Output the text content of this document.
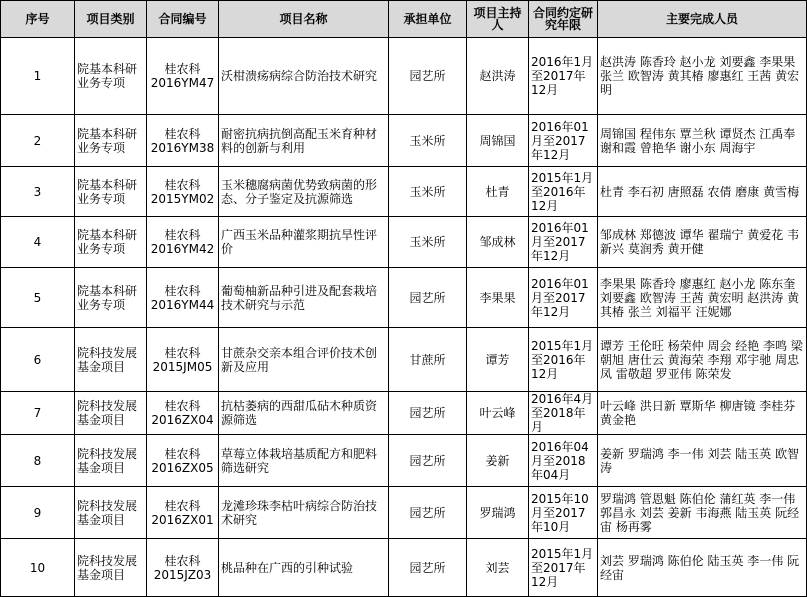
序号	项目类别	合同编号	项目名称	承担单位	项目主持人	合同约定研究年限	主要完成人员
1	院基本科研业务专项	桂农科2016YM47	沃柑溃疡病综合防治技术研究	园艺所	赵洪涛	2016年1月至2017年12月	赵洪涛 陈香玲 赵小龙 刘要鑫 李果果 张兰 欧智涛 黄其椿 廖惠红 王茜 黄宏明
2	院基本科研业务专项	桂农科2016YM38	耐密抗病抗倒高配玉米育种材料的创新与利用	玉米所	周锦国	2016年01月至2017年12月	周锦国 程伟东 覃兰秋 谭贤杰 江禹奉 谢和霞 曾艳华 谢小东 周海宇
3	院基本科研业务专项	桂农科2015YM02	玉米穗腐病菌优势致病菌的形态、分子鉴定及抗源筛选	玉米所	杜青	2015年1月至2016年12月	杜青 李石初 唐照磊 农倩 磨康 黄雪梅
4	院基本科研业务专项	桂农科2016YM42	广西玉米品种灌浆期抗旱性评价	玉米所	邹成林	2016年01月至2017年12月	邹成林 郑德波 谭华 翟瑞宁 黄爱花 韦新兴 莫润秀 黄开健
5	院基本科研业务专项	桂农科2016YM44	葡萄柚新品种引进及配套栽培技术研究与示范	园艺所	李果果	2016年01月至2017年12月	李果果 陈香玲 廖惠红 赵小龙 陈东奎 刘要鑫 欧智涛 王茜 黄宏明 赵洪涛 黄其椿 张兰 刘福平 汪妮娜
6	院科技发展基金项目	桂农科2015JM05	甘蔗杂交亲本组合评价技术创新及应用	甘蔗所	谭芳	2015年1月至2016年12月	谭芳 王伦旺 杨荣仲 周会 经艳 李鸣 梁朝旭 唐仕云 黄海荣 李翔 邓宇驰 周忠凤 雷敬超 罗亚伟 陈荣发
7	院科技发展基金项目	桂农科2016ZX04	抗枯萎病的西甜瓜砧木种质资源筛选	园艺所	叶云峰	2016年4月至2018年月	叶云峰 洪日新 覃斯华 柳唐镜 李桂芬 黄金艳
8	院科技发展基金项目	桂农科2016ZX05	草莓立体栽培基质配方和肥料筛选研究	园艺所	姜新	2016年04月至2018年04月	姜新 罗瑞鸿 李一伟 刘芸 陆玉英 欧智涛
9	院科技发展基金项目	桂农科2016ZX01	龙滩珍珠李枯叶病综合防治技术研究	园艺所	罗瑞鸿	2015年10月至2017年10月	罗瑞鸿 管恩魁 陈伯伦 蒲红英 李一伟 郭昌永 刘芸 姜新 韦海燕 陆玉英 阮经宙 杨再雾
10	院科技发展基金项目	桂农科2015JZ03	桃品种在广西的引种试验	园艺所	刘芸	2015年1月至2017年12月	刘芸 罗瑞鸿 陈伯伦 陆玉英 李一伟 阮经宙
